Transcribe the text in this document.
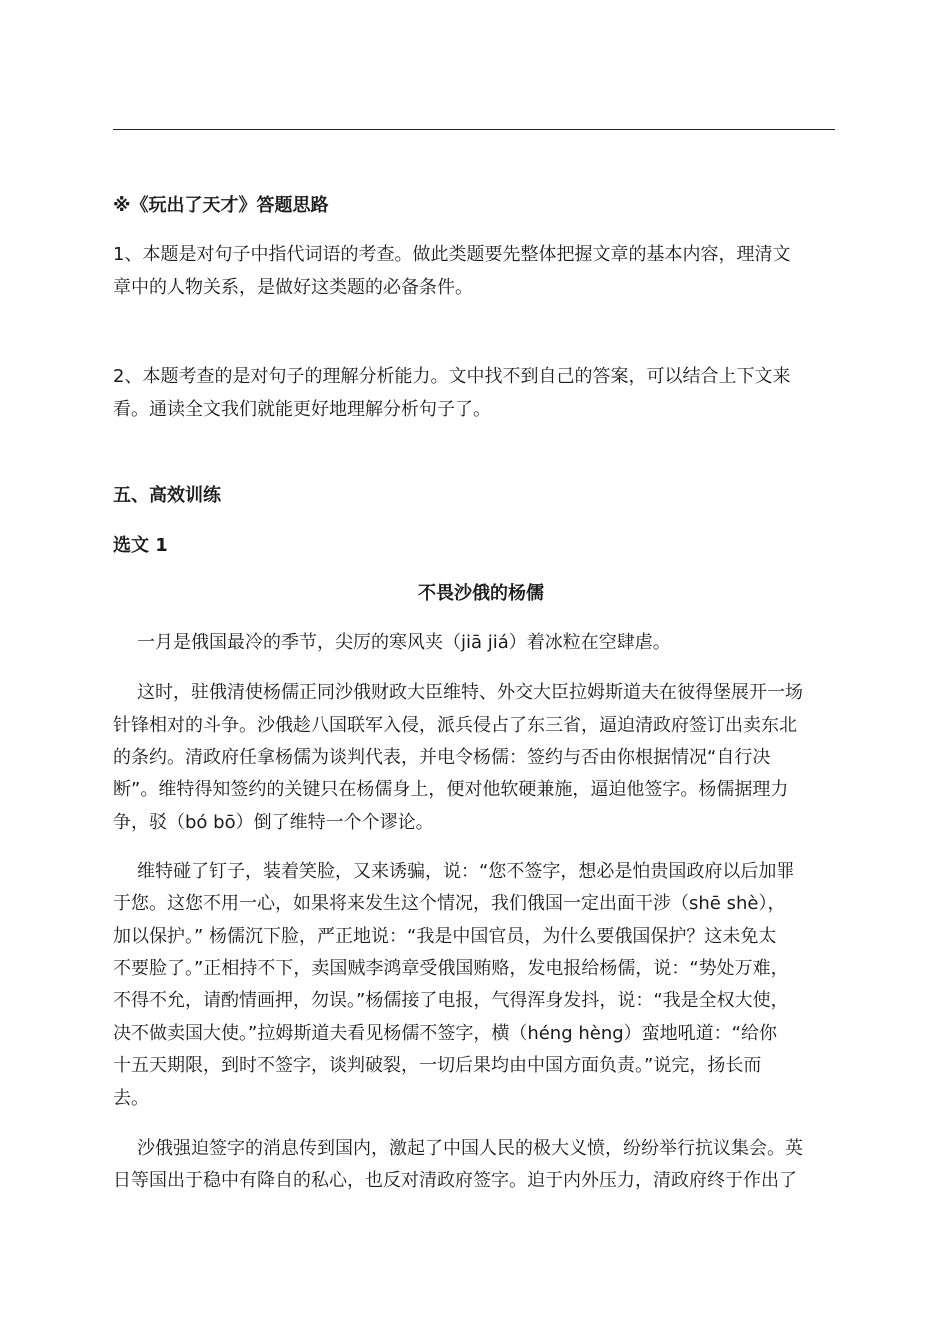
※《玩出了天才》答题思路
1、本题是对句子中指代词语的考查。做此类题要先整体把握文章的基本内容，理清文
章中的人物关系，是做好这类题的必备条件。
2、本题考查的是对句子的理解分析能力。文中找不到自己的答案，可以结合上下文来
看。通读全文我们就能更好地理解分析句子了。
五、高效训练
选文 1
不畏沙俄的杨儒
一月是俄国最冷的季节，尖厉的寒风夹（jiā jiá）着冰粒在空肆虐。
这时，驻俄清使杨儒正同沙俄财政大臣维特、外交大臣拉姆斯道夫在彼得堡展开一场
针锋相对的斗争。沙俄趁八国联军入侵，派兵侵占了东三省，逼迫清政府签订出卖东北
的条约。清政府任拿杨儒为谈判代表，并电令杨儒：签约与否由你根据情况“自行决
断”。维特得知签约的关键只在杨儒身上，便对他软硬兼施，逼迫他签字。杨儒据理力
争，驳（bó bō）倒了维特一个个谬论。
维特碰了钉子，装着笑脸，又来诱骗，说：“您不签字，想必是怕贵国政府以后加罪
于您。这您不用一心，如果将来发生这个情况，我们俄国一定出面干涉（shē shè），
加以保护。” 杨儒沉下脸，严正地说：“我是中国官员，为什么要俄国保护？这未免太
不要脸了。”正相持不下，卖国贼李鸿章受俄国贿赂，发电报给杨儒，说：“势处万难，
不得不允，请酌情画押，勿误。”杨儒接了电报，气得浑身发抖，说：“我是全权大使，
决不做卖国大使。”拉姆斯道夫看见杨儒不签字，横（héng hèng）蛮地吼道：“给你
十五天期限，到时不签字，谈判破裂，一切后果均由中国方面负责。”说完，扬长而
去。
沙俄强迫签字的消息传到国内，激起了中国人民的极大义愤，纷纷举行抗议集会。英
日等国出于稳中有降自的私心，也反对清政府签字。迫于内外压力，清政府终于作出了
